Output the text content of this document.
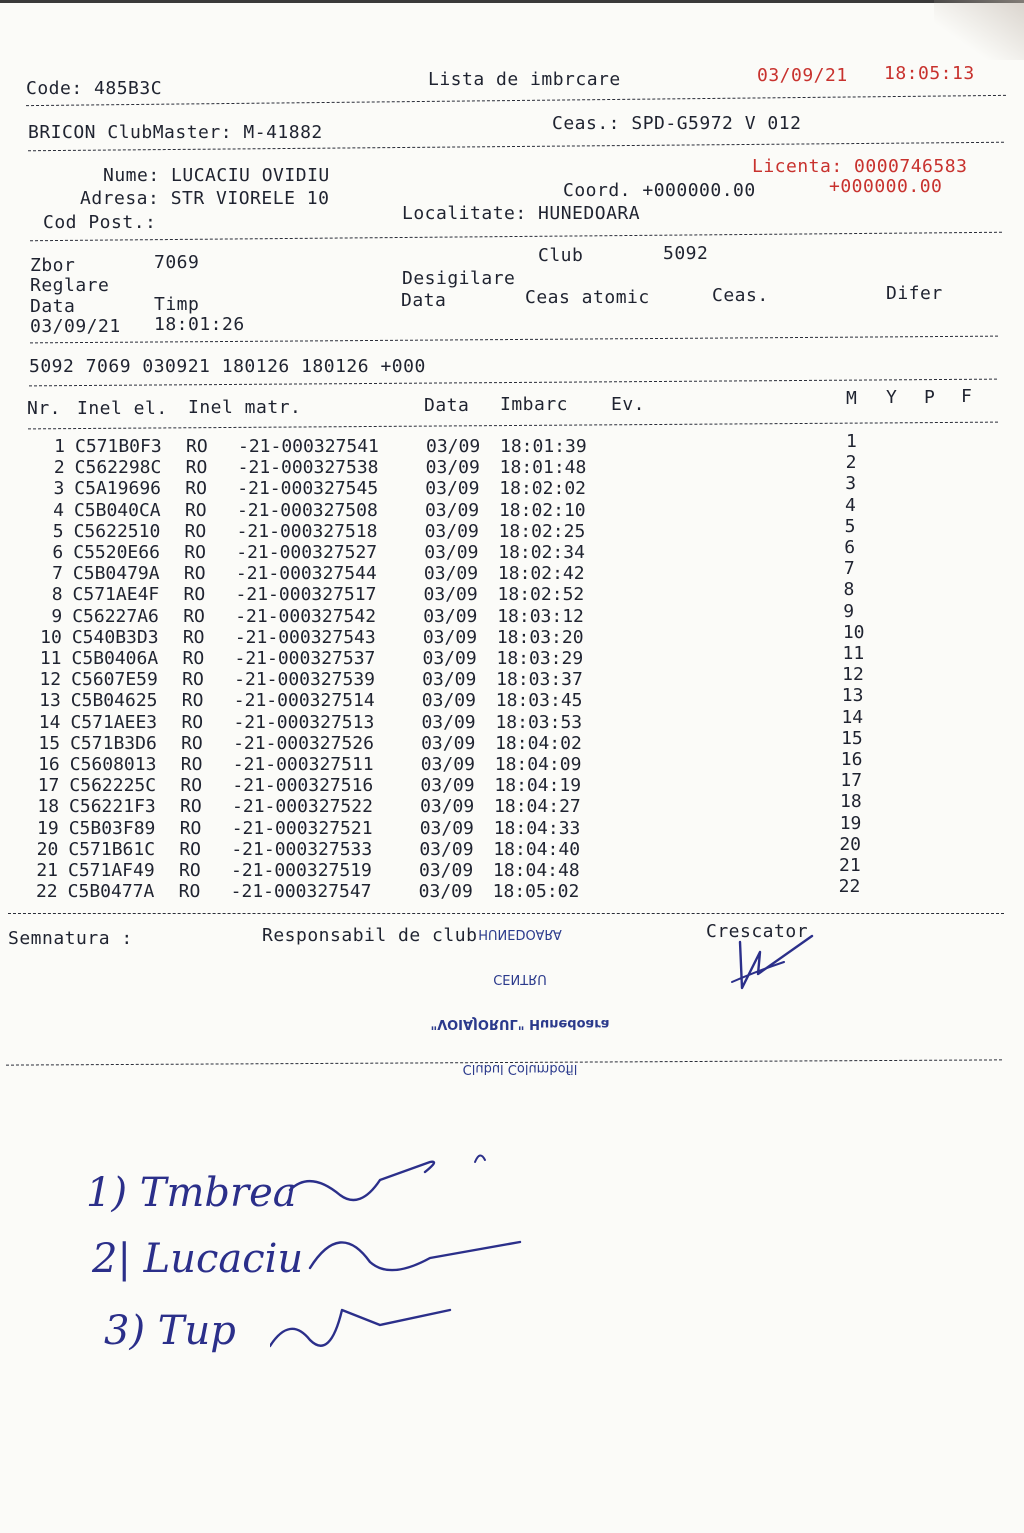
Code: 485B3C	Lista de imbrcare	03/09/21 18:05:13
BRICON ClubMaster: M-41882	Ceas.: SPD-G5972 V 012
Nume: LUCACIU OVIDIU	Licenta: 0000746583
Adresa: STR VIORELE 10	Coord. +000000.00	+000000.00
Cod Post.:	Localitate: HUNEDOARA
Zbor	7069	Club	5092
Reglare	Desigilare
Data	Timp	Data	Ceas atomic	Ceas.	Difer
03/09/21 18:01:26
5092 7069 030921 180126 180126 +000
Nr. Inel el. Inel matr.	Data Imbarc Ev.	M Y P F
1 C571B0F3 RO -21-000327541	03/09 18:01:39	1
2 C562298C RO -21-000327538	03/09 18:01:48	2
3 C5A19696 RO -21-000327545	03/09 18:02:02	3
4 C5B040CA RO -21-000327508	03/09 18:02:10	4
5 C5622510 RO -21-000327518	03/09 18:02:25	5
6 C5520E66 RO -21-000327527	03/09 18:02:34	6
7 C5B0479A RO -21-000327544	03/09 18:02:42	7
8 C571AE4F RO -21-000327517	03/09 18:02:52	8
9 C56227A6 RO -21-000327542	03/09 18:03:12	9
10 C540B3D3 RO -21-000327543	03/09 18:03:20	10
11 C5B0406A RO -21-000327537	03/09 18:03:29	11
12 C5607E59 RO -21-000327539	03/09 18:03:37	12
13 C5B04625 RO -21-000327514	03/09 18:03:45	13
14 C571AEE3 RO -21-000327513	03/09 18:03:53	14
15 C571B3D6 RO -21-000327526	03/09 18:04:02	15
16 C5608013 RO -21-000327511	03/09 18:04:09	16
17 C562225C RO -21-000327516	03/09 18:04:19	17
18 C56221F3 RO -21-000327522	03/09 18:04:27	18
19 C5B03F89 RO -21-000327521	03/09 18:04:33	19
20 C571B61C RO -21-000327533	03/09 18:04:40	20
21 C571AF49 RO -21-000327519	03/09 18:04:48	21
22 C5B0477A RO -21-000327547	03/09 18:05:02	22
Semnatura :	Responsabil de club	Crescator

Clubul Columbofil

"VOIAJORUL" Hunedoara

CENTRU

HUNEDOARA

1) Tmbrea
2| Lucaciu
3) Tup
